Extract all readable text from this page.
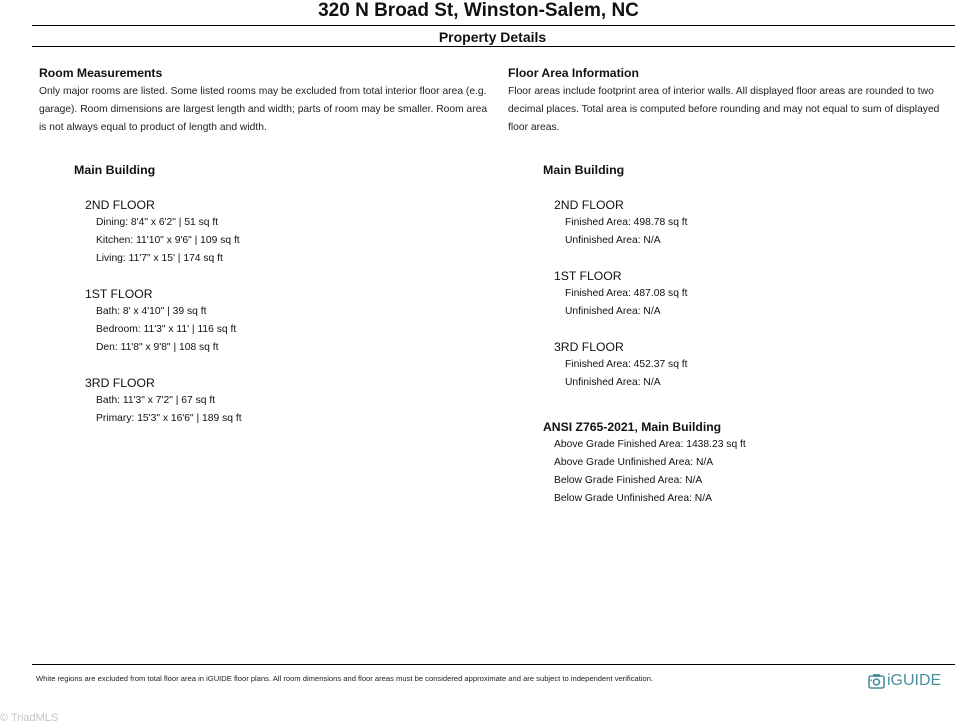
320 N Broad St, Winston-Salem, NC
Property Details
Room Measurements
Only major rooms are listed. Some listed rooms may be excluded from total interior floor area (e.g. garage). Room dimensions are largest length and width; parts of room may be smaller. Room area is not always equal to product of length and width.
Main Building
2ND FLOOR
Dining: 8'4" x 6'2" | 51 sq ft
Kitchen: 11'10" x 9'6" | 109 sq ft
Living: 11'7" x 15' | 174 sq ft
1ST FLOOR
Bath: 8' x 4'10" | 39 sq ft
Bedroom: 11'3" x 11' | 116 sq ft
Den: 11'8" x 9'8" | 108 sq ft
3RD FLOOR
Bath: 11'3" x 7'2" | 67 sq ft
Primary: 15'3" x 16'6" | 189 sq ft
Floor Area Information
Floor areas include footprint area of interior walls. All displayed floor areas are rounded to two decimal places. Total area is computed before rounding and may not equal to sum of displayed floor areas.
Main Building
2ND FLOOR
Finished Area: 498.78 sq ft
Unfinished Area: N/A
1ST FLOOR
Finished Area: 487.08 sq ft
Unfinished Area: N/A
3RD FLOOR
Finished Area: 452.37 sq ft
Unfinished Area: N/A
ANSI Z765-2021, Main Building
Above Grade Finished Area: 1438.23 sq ft
Above Grade Unfinished Area: N/A
Below Grade Finished Area: N/A
Below Grade Unfinished Area: N/A
White regions are excluded from total floor area in iGUIDE floor plans. All room dimensions and floor areas must be considered approximate and are subject to independent verification.	iGUIDE
© TriadMLS
